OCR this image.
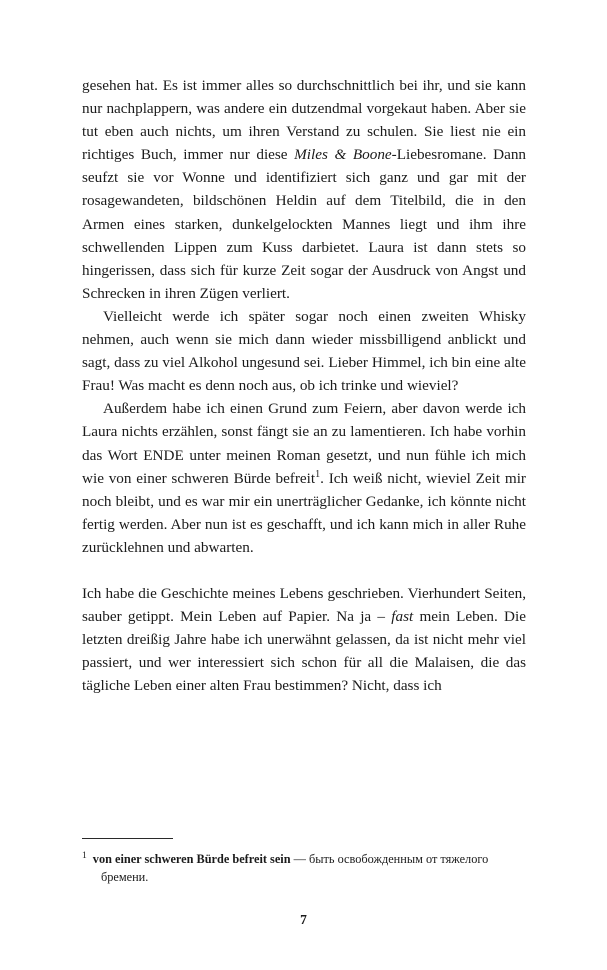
gesehen hat. Es ist immer alles so durchschnittlich bei ihr, und sie kann nur nachplappern, was andere ein dutzendmal vorgekaut haben. Aber sie tut eben auch nichts, um ihren Verstand zu schulen. Sie liest nie ein richtiges Buch, immer nur diese Miles & Boone-Liebesromane. Dann seufzt sie vor Wonne und identifiziert sich ganz und gar mit der rosagewandeten, bildschönen Heldin auf dem Titelbild, die in den Armen eines starken, dunkelgelockten Mannes liegt und ihm ihre schwellenden Lippen zum Kuss darbietet. Laura ist dann stets so hingerissen, dass sich für kurze Zeit sogar der Ausdruck von Angst und Schrecken in ihren Zügen verliert.

Vielleicht werde ich später sogar noch einen zweiten Whisky nehmen, auch wenn sie mich dann wieder missbilligend anblickt und sagt, dass zu viel Alkohol ungesund sei. Lieber Himmel, ich bin eine alte Frau! Was macht es denn noch aus, ob ich trinke und wieviel?

Außerdem habe ich einen Grund zum Feiern, aber davon werde ich Laura nichts erzählen, sonst fängt sie an zu lamentieren. Ich habe vorhin das Wort ENDE unter meinen Roman gesetzt, und nun fühle ich mich wie von einer schweren Bürde befreit$^1$. Ich weiß nicht, wieviel Zeit mir noch bleibt, und es war mir ein unerträglicher Gedanke, ich könnte nicht fertig werden. Aber nun ist es geschafft, und ich kann mich in aller Ruhe zurücklehnen und abwarten.

Ich habe die Geschichte meines Lebens geschrieben. Vierhundert Seiten, sauber getippt. Mein Leben auf Papier. Na ja – fast mein Leben. Die letzten dreißig Jahre habe ich unerwähnt gelassen, da ist nicht mehr viel passiert, und wer interessiert sich schon für all die Malaisen, die das tägliche Leben einer alten Frau bestimmen? Nicht, dass ich

$^1$ von einer schweren Bürde befreit sein — быть освобожденным от тяжелого бремени.
7
